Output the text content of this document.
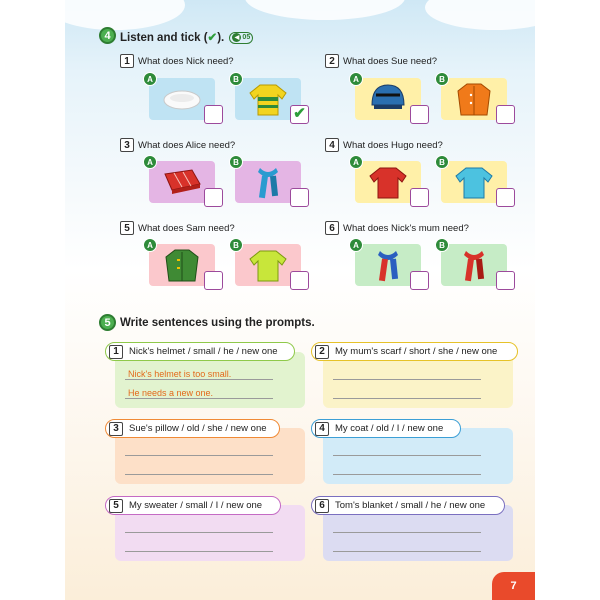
4 Listen and tick (✔).	◀ 05
1 What does Nick need?
A	B
✔
2 What does Sue need?
A	B
3 What does Alice need?
A	B
4 What does Hugo need?
A	B
5 What does Sam need?
A	B
6 What does Nick's mum need?
A	B
5 Write sentences using the prompts.
1	Nick's helmet / small / he / new one
Nick's helmet is too small.
He needs a new one.
2	My mum's scarf / short / she / new one
3	Sue's pillow / old / she / new one	4	My coat / old / I / new one
5	My sweater / small / I / new one	6	Tom's blanket / small / he / new one
7
